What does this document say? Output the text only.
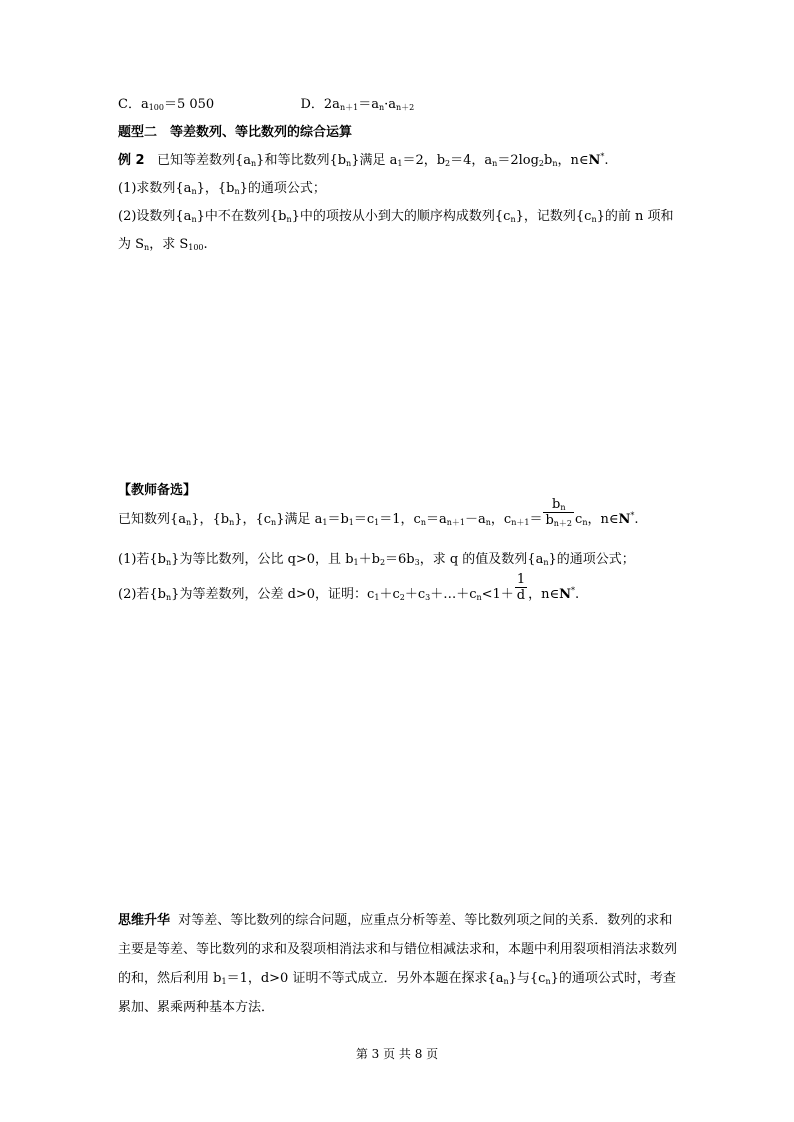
C．$a_{100}=5$ 050	D．$2a_{n+1}=a_n\cdot a_{n+2}$
题型二　等差数列、等比数列的综合运算
例 2 已知等差数列$\{a_n\}$和等比数列$\{b_n\}$满足 $a_1=2$，$b_2=4$，$a_n=2\log_2b_n$，n∈N*.
(1)求数列$\{a_n\}$，$\{b_n\}$的通项公式；
(2)设数列$\{a_n\}$中不在数列$\{b_n\}$中的项按从小到大的顺序构成数列$\{c_n\}$，记数列$\{c_n\}$的前 n 项和
为 $S_n$，求 $S_{100}$.
【教师备选】
已知数列$\{a_n\}$，$\{b_n\}$，$\{c_n\}$满足 $a_1=b_1=c_1=1$，$c_n=a_{n+1}-a_n$，$c_{n+1}= \frac{b_n}{b_{n+2}} c_n$，n∈N*.
(1)若$\{b_n\}$为等比数列，公比 q>0，且 $b_1+b_2=6b_3$，求 q 的值及数列$\{a_n\}$的通项公式；
(2)若$\{b_n\}$为等差数列，公差 d>0，证明：$c_1+c_2+c_3+\dots+c_n<1+ \frac{1}{d}$ ，n∈N*.
思维升华  对等差、等比数列的综合问题，应重点分析等差、等比数列项之间的关系．数列的求和主要是等差、等比数列的求和及裂项相消法求和与错位相减法求和，本题中利用裂项相消法求数列的和，然后利用 $b_1=1$，d>0 证明不等式成立．另外本题在探求$\{a_n\}$与$\{c_n\}$的通项公式时，考查累加、累乘两种基本方法．
第 3 页 共 8 页
